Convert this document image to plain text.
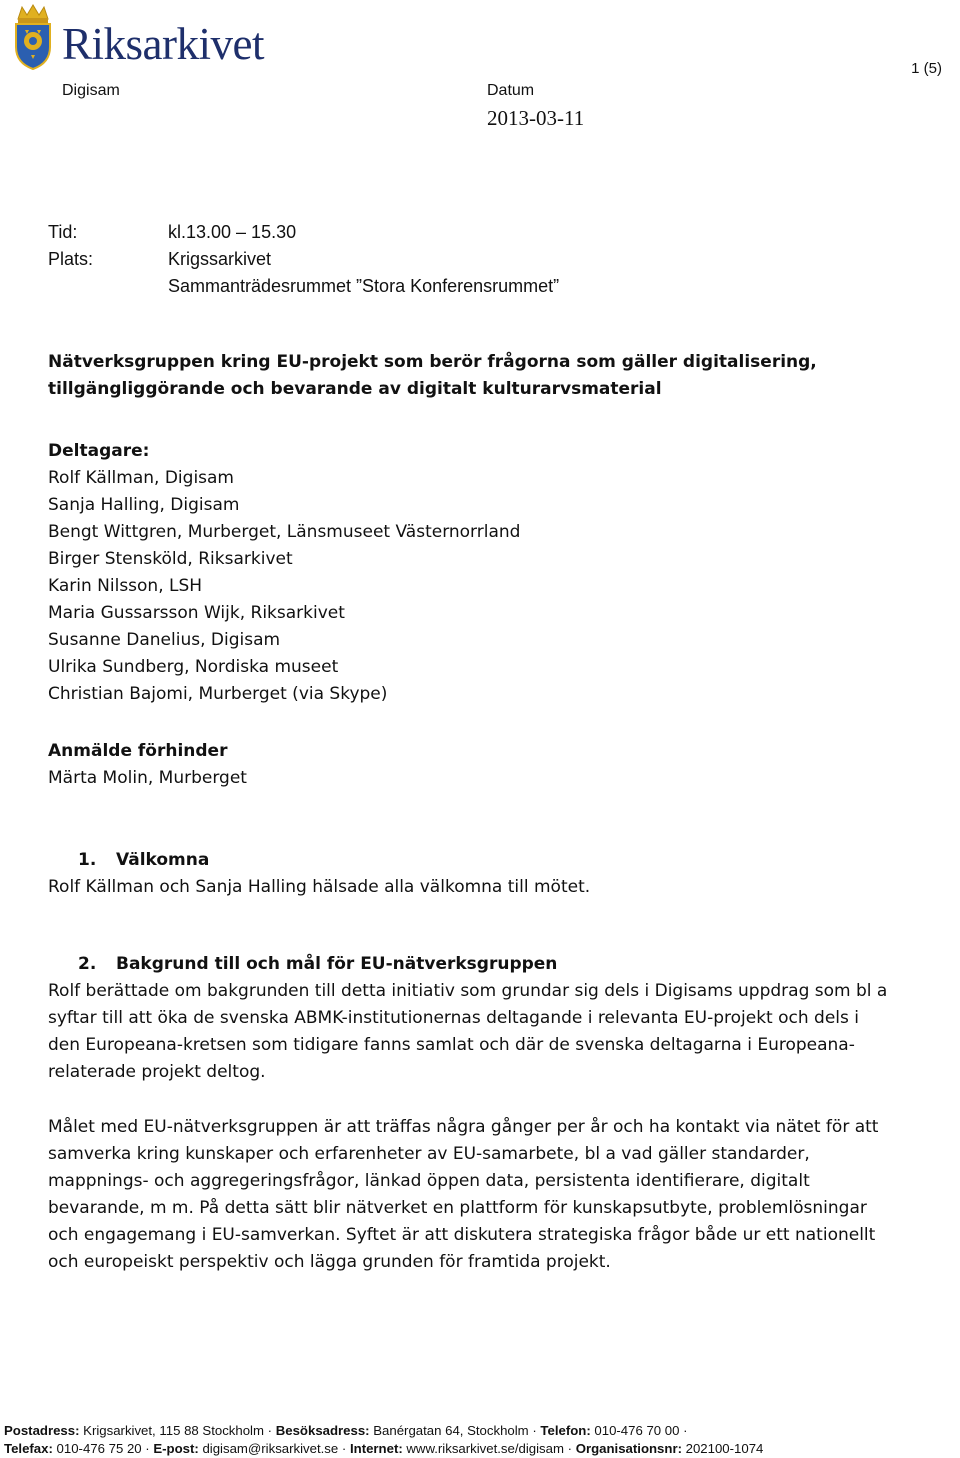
Riksarkivet	1 (5)
Digisam	Datum
2013-03-11
Tid:	kl.13.00 – 15.30
Plats:	Krigssarkivet
Sammanträdesrummet ”Stora Konferensrummet”
Nätverksgruppen kring EU-projekt som berör frågorna som gäller digitalisering,
tillgängliggörande och bevarande av digitalt kulturarvsmaterial
Deltagare:
Rolf Källman, Digisam
Sanja Halling, Digisam
Bengt Wittgren, Murberget, Länsmuseet Västernorrland
Birger Stensköld, Riksarkivet
Karin Nilsson, LSH
Maria Gussarsson Wijk, Riksarkivet
Susanne Danelius, Digisam
Ulrika Sundberg, Nordiska museet
Christian Bajomi, Murberget (via Skype)
Anmälde förhinder
Märta Molin, Murberget
1. Välkomna
Rolf Källman och Sanja Halling hälsade alla välkomna till mötet.
2. Bakgrund till och mål för EU-nätverksgruppen
Rolf berättade om bakgrunden till detta initiativ som grundar sig dels i Digisams uppdrag som bl a
syftar till att öka de svenska ABMK-institutionernas deltagande i relevanta EU-projekt och dels i
den Europeana-kretsen som tidigare fanns samlat och där de svenska deltagarna i Europeana-
relaterade projekt deltog.
Målet med EU-nätverksgruppen är att träffas några gånger per år och ha kontakt via nätet för att
samverka kring kunskaper och erfarenheter av EU-samarbete, bl a vad gäller standarder,
mappnings- och aggregeringsfrågor, länkad öppen data, persistenta identifierare, digitalt
bevarande, m m. På detta sätt blir nätverket en plattform för kunskapsutbyte, problemlösningar
och engagemang i EU-samverkan. Syftet är att diskutera strategiska frågor både ur ett nationellt
och europeiskt perspektiv och lägga grunden för framtida projekt.
Postadress: Krigsarkivet, 115 88 Stockholm · Besöksadress: Banérgatan 64, Stockholm · Telefon: 010-476 70 00 ·
Telefax: 010-476 75 20 · E-post: digisam@riksarkivet.se · Internet: www.riksarkivet.se/digisam · Organisationsnr: 202100-1074
